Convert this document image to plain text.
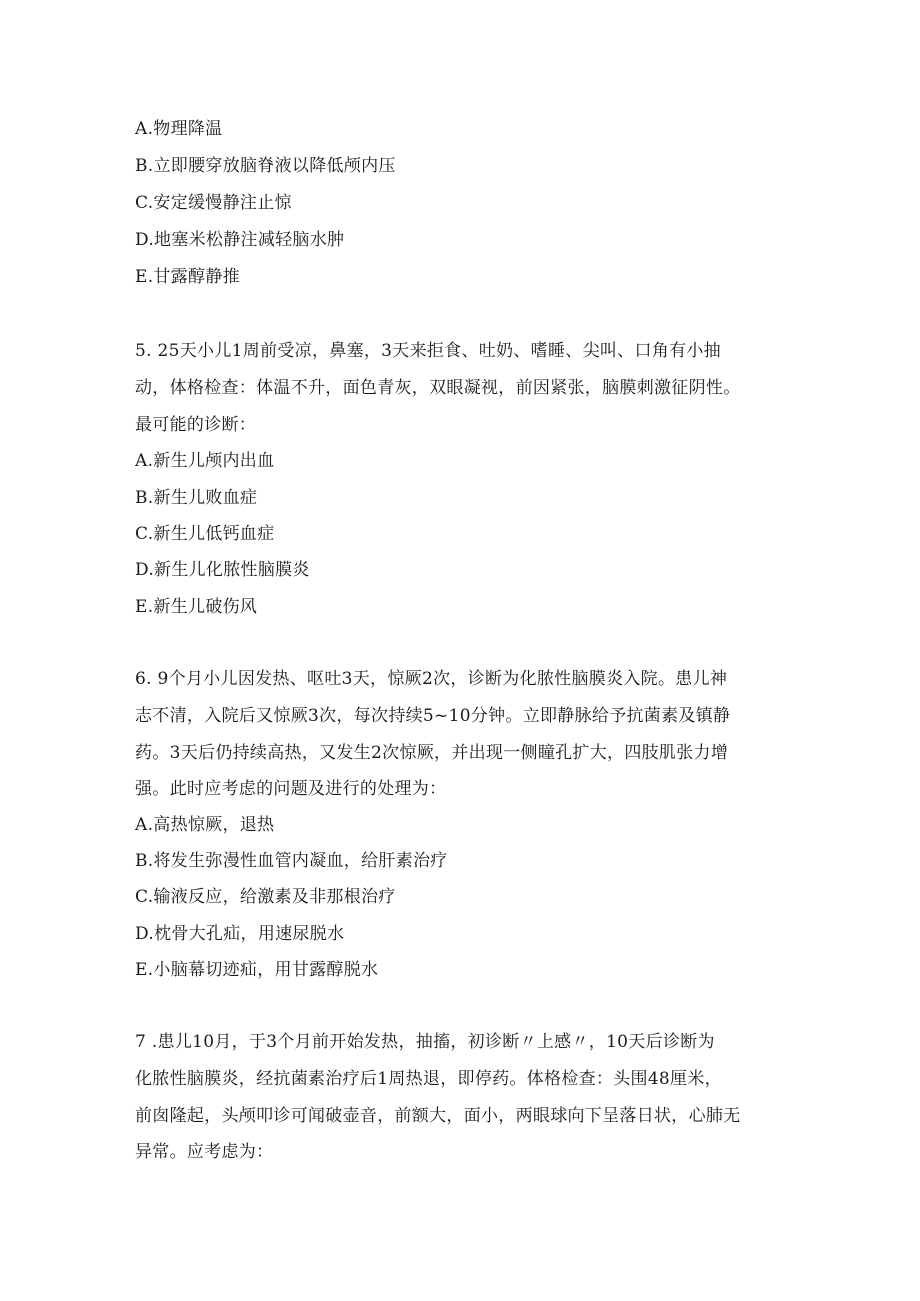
A.物理降温
B.立即腰穿放脑脊液以降低颅内压
C.安定缓慢静注止惊
D.地塞米松静注减轻脑水肿
E.甘露醇静推
5. 25天小儿1周前受凉，鼻塞，3天来拒食、吐奶、嗜睡、尖叫、口角有小抽
动，体格检查：体温不升，面色青灰，双眼凝视，前因紧张，脑膜刺激征阴性。
最可能的诊断：
A.新生儿颅内出血
B.新生儿败血症
C.新生儿低钙血症
D.新生儿化脓性脑膜炎
E.新生儿破伤风
6. 9个月小儿因发热、呕吐3天，惊厥2次，诊断为化脓性脑膜炎入院。患儿神
志不清，入院后又惊厥3次，每次持续5~10分钟。立即静脉给予抗菌素及镇静
药。3天后仍持续高热，又发生2次惊厥，并出现一侧瞳孔扩大，四肢肌张力增
强。此时应考虑的问题及进行的处理为：
A.高热惊厥，退热
B.将发生弥漫性血管内凝血，给肝素治疗
C.输液反应，给激素及非那根治疗
D.枕骨大孔疝，用速尿脱水
E.小脑幕切迹疝，用甘露醇脱水
7 .患儿10月，于3个月前开始发热，抽搐，初诊断〃上感〃，10天后诊断为
化脓性脑膜炎，经抗菌素治疗后1周热退，即停药。体格检查：头围48厘米，
前囱隆起，头颅叩诊可闻破壶音，前额大，面小，两眼球向下呈落日状，心肺无
异常。应考虑为：
